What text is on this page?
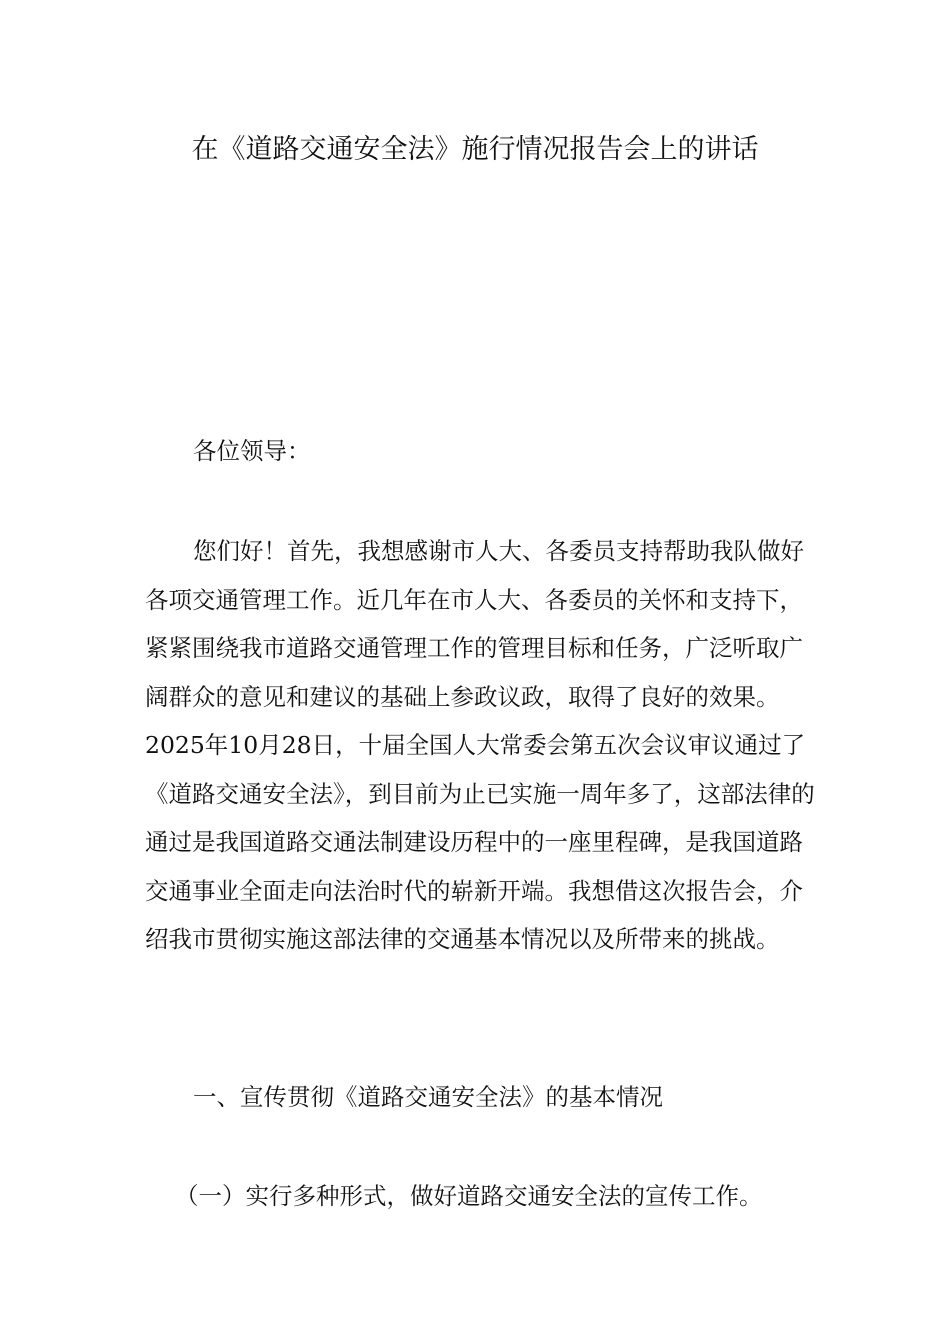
在《道路交通安全法》施行情况报告会上的讲话

各位领导：

您们好！首先，我想感谢市人大、各委员支持帮助我队做好各项交通管理工作。近几年在市人大、各委员的关怀和支持下，紧紧围绕我市道路交通管理工作的管理目标和任务，广泛听取广阔群众的意见和建议的基础上参政议政，取得了良好的效果。2025年10月28日，十届全国人大常委会第五次会议审议通过了《道路交通安全法》，到目前为止已实施一周年多了，这部法律的通过是我国道路交通法制建设历程中的一座里程碑，是我国道路交通事业全面走向法治时代的崭新开端。我想借这次报告会，介绍我市贯彻实施这部法律的交通基本情况以及所带来的挑战。

一、宣传贯彻《道路交通安全法》的基本情况

（一）实行多种形式，做好道路交通安全法的宣传工作。
